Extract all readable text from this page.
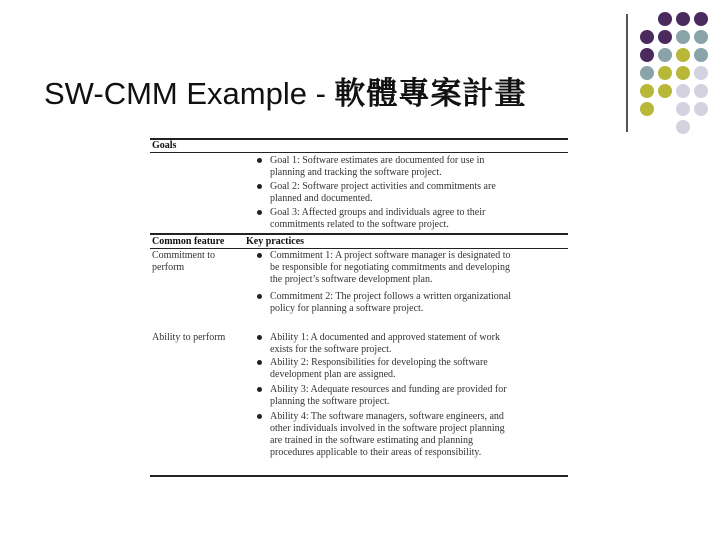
SW-CMM Example - 軟體專案計畫
Goals
Goal 1: Software estimates are documented for use in
planning and tracking the software project.
Goal 2: Software project activities and commitments are
planned and documented.
Goal 3: Affected groups and individuals agree to their
commitments related to the software project.
Common feature Key practices
Commitment to
perform
Commitment 1: A project software manager is designated to
be responsible for negotiating commitments and developing
the project’s software development plan.
Commitment 2: The project follows a written organizational
policy for planning a software project.
Ability to perform	Ability 1: A documented and approved statement of work
exists for the software project.
Ability 2: Responsibilities for developing the software
development plan are assigned.
Ability 3: Adequate resources and funding are provided for
planning the software project.
Ability 4: The software managers, software engineers, and
other individuals involved in the software project planning
are trained in the software estimating and planning
procedures applicable to their areas of responsibility.
